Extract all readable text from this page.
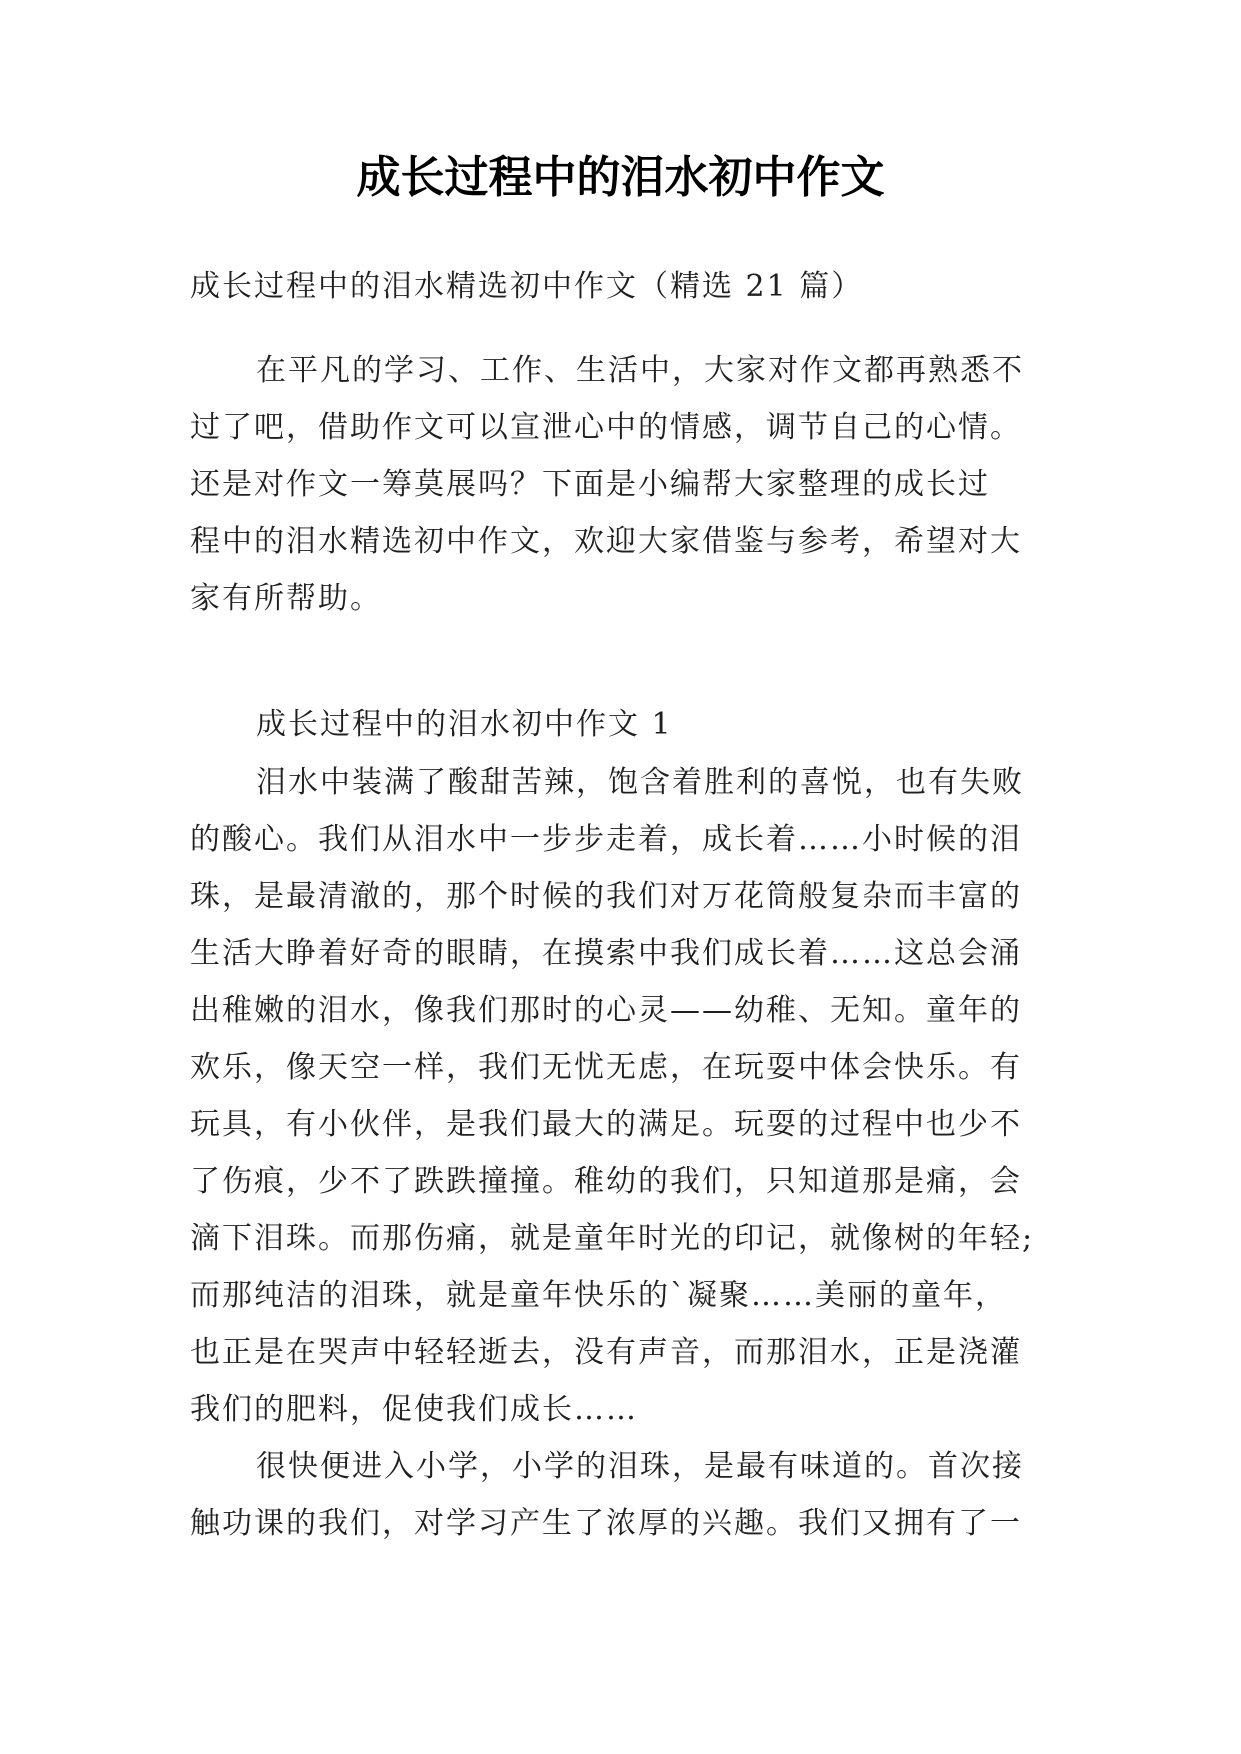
成长过程中的泪水初中作文

成长过程中的泪水精选初中作文（精选 21 篇）

在平凡的学习、工作、生活中，大家对作文都再熟悉不
过了吧，借助作文可以宣泄心中的情感，调节自己的心情。
还是对作文一筹莫展吗？下面是小编帮大家整理的成长过
程中的泪水精选初中作文，欢迎大家借鉴与参考，希望对大
家有所帮助。

成长过程中的泪水初中作文 1

泪水中装满了酸甜苦辣，饱含着胜利的喜悦，也有失败
的酸心。我们从泪水中一步步走着，成长着……小时候的泪
珠，是最清澈的，那个时候的我们对万花筒般复杂而丰富的
生活大睁着好奇的眼睛，在摸索中我们成长着……这总会涌
出稚嫩的泪水，像我们那时的心灵——幼稚、无知。童年的
欢乐，像天空一样，我们无忧无虑，在玩耍中体会快乐。有
玩具，有小伙伴，是我们最大的满足。玩耍的过程中也少不
了伤痕，少不了跌跌撞撞。稚幼的我们，只知道那是痛，会
滴下泪珠。而那伤痛，就是童年时光的印记，就像树的年轻;
而那纯洁的泪珠，就是童年快乐的`凝聚……美丽的童年，
也正是在哭声中轻轻逝去，没有声音，而那泪水，正是浇灌
我们的肥料，促使我们成长……
很快便进入小学，小学的泪珠，是最有味道的。首次接
触功课的我们，对学习产生了浓厚的兴趣。我们又拥有了一
